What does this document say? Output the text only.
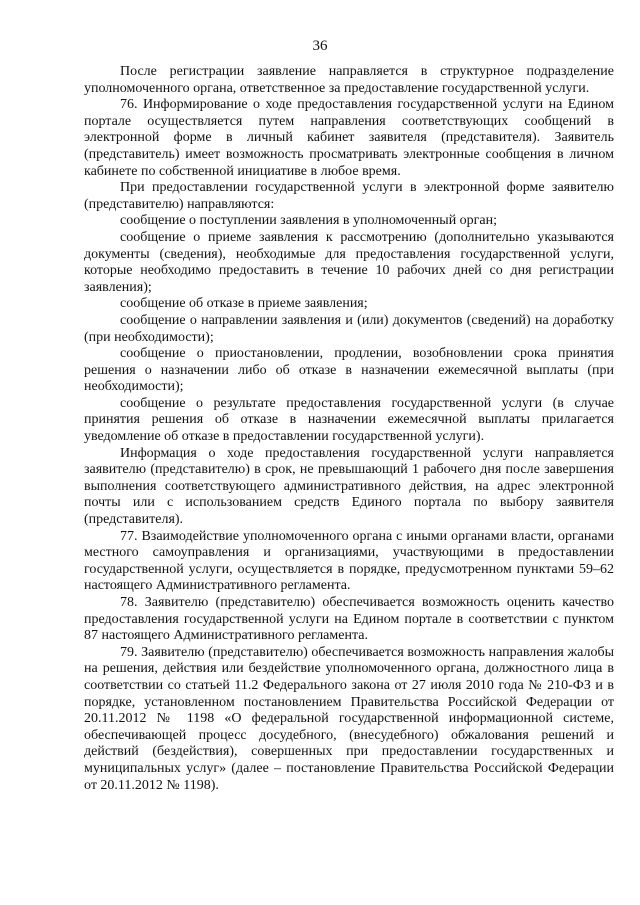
36

После регистрации заявление направляется в структурное подразделение уполномоченного органа, ответственное за предоставление государственной услуги.

76. Информирование о ходе предоставления государственной услуги на Едином портале осуществляется путем направления соответствующих сообщений в электронной форме в личный кабинет заявителя (представителя). Заявитель (представитель) имеет возможность просматривать электронные сообщения в личном кабинете по собственной инициативе в любое время.

При предоставлении государственной услуги в электронной форме заявителю (представителю) направляются:

сообщение о поступлении заявления в уполномоченный орган;

сообщение о приеме заявления к рассмотрению (дополнительно указываются документы (сведения), необходимые для предоставления государственной услуги, которые необходимо предоставить в течение 10 рабочих дней со дня регистрации заявления);

сообщение об отказе в приеме заявления;

сообщение о направлении заявления и (или) документов (сведений) на доработку (при необходимости);

сообщение о приостановлении, продлении, возобновлении срока принятия решения о назначении либо об отказе в назначении ежемесячной выплаты (при необходимости);

сообщение о результате предоставления государственной услуги (в случае принятия решения об отказе в назначении ежемесячной выплаты прилагается уведомление об отказе в предоставлении государственной услуги).

Информация о ходе предоставления государственной услуги направляется заявителю (представителю) в срок, не превышающий 1 рабочего дня после завершения выполнения соответствующего административного действия, на адрес электронной почты или с использованием средств Единого портала по выбору заявителя (представителя).

77. Взаимодействие уполномоченного органа с иными органами власти, органами местного самоуправления и организациями, участвующими в предоставлении государственной услуги, осуществляется в порядке, предусмотренном пунктами 59–62 настоящего Административного регламента.

78. Заявителю (представителю) обеспечивается возможность оценить качество предоставления государственной услуги на Едином портале в соответствии с пунктом 87 настоящего Административного регламента.

79. Заявителю (представителю) обеспечивается возможность направления жалобы на решения, действия или бездействие уполномоченного органа, должностного лица в соответствии со статьей 11.2 Федерального закона от 27 июля 2010 года № 210-ФЗ и в порядке, установленном постановлением Правительства Российской Федерации от 20.11.2012 № 1198 «О федеральной государственной информационной системе, обеспечивающей процесс досудебного, (внесудебного) обжалования решений и действий (бездействия), совершенных при предоставлении государственных и муниципальных услуг» (далее – постановление Правительства Российской Федерации от 20.11.2012 № 1198).
